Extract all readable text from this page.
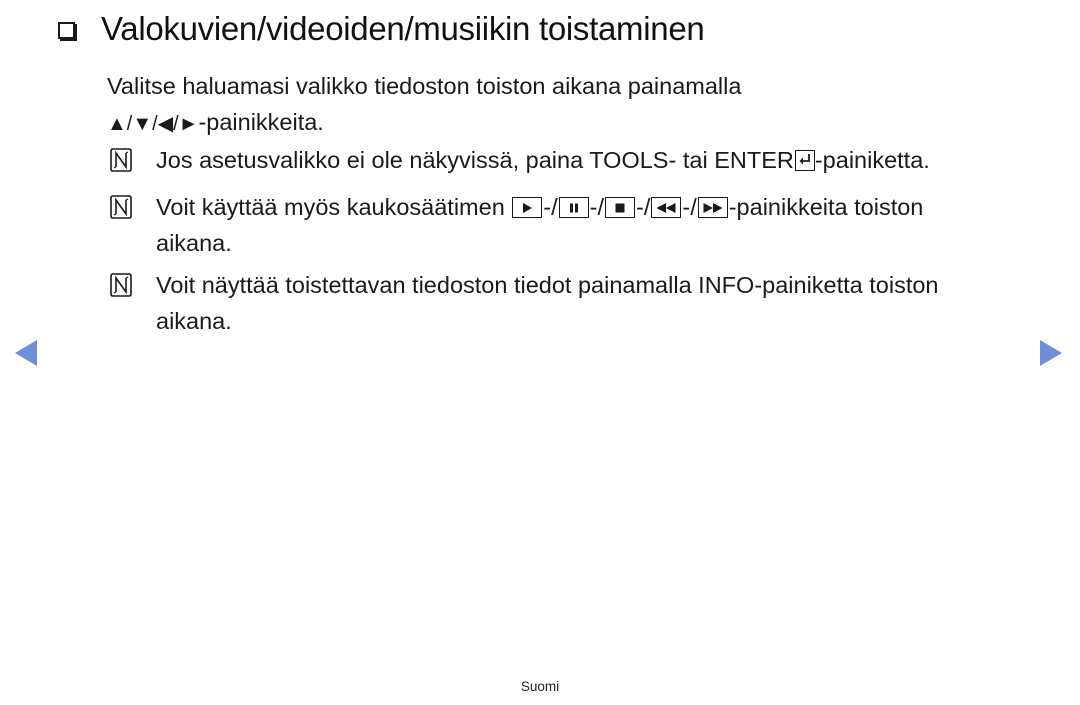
Valokuvien/videoiden/musiikin toistaminen
Valitse haluamasi valikko tiedoston toiston aikana painamalla
▲/▼/◀/►-painikkeita.
Jos asetusvalikko ei ole näkyvissä, paina TOOLS- tai ENTER -painiketta.
Voit käyttää myös kaukosäätimen
-/ -/ -/ -/ -painikkeita toiston
aikana.
Voit näyttää toistettavan tiedoston tiedot painamalla INFO-painiketta toiston
aikana.
Suomi
